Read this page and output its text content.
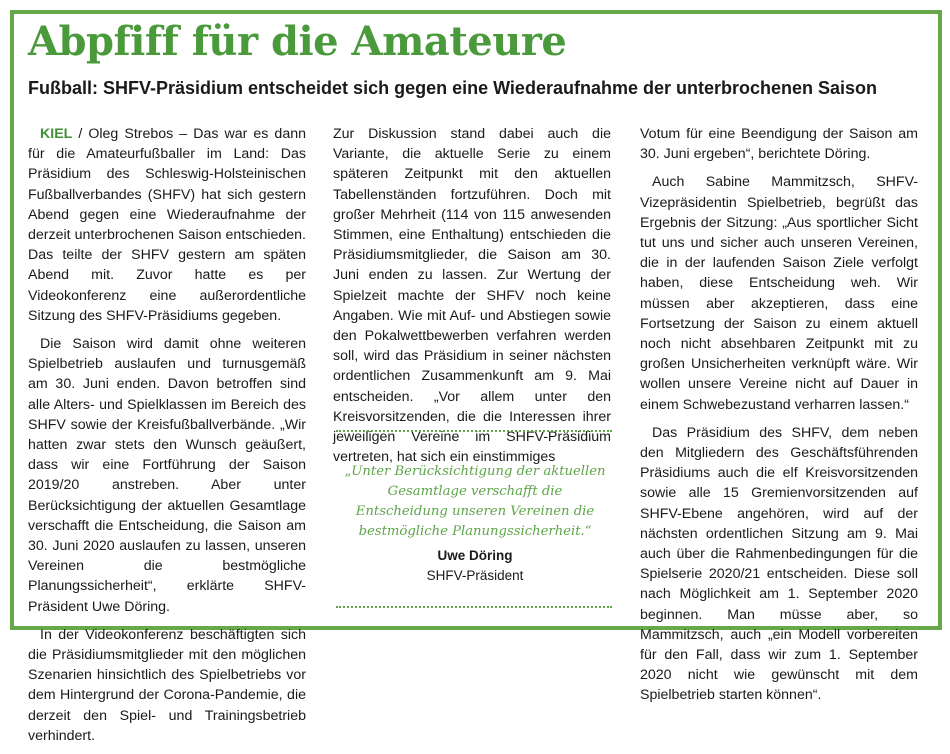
Abpfiff für die Amateure
Fußball: SHFV-Präsidium entscheidet sich gegen eine Wiederaufnahme der unterbrochenen Saison

KIEL / Oleg Strebos – Das war es dann für die Amateurfußballer im Land: Das Präsidium des Schleswig-Holsteinischen Fußballverbandes (SHFV) hat sich gestern Abend gegen eine Wiederaufnahme der derzeit unterbrochenen Saison entschieden. Das teilte der SHFV gestern am späten Abend mit. Zuvor hatte es per Videokonferenz eine außerordentliche Sitzung des SHFV-Präsidiums gegeben.

Die Saison wird damit ohne weiteren Spielbetrieb auslaufen und turnusgemäß am 30. Juni enden. Davon betroffen sind alle Alters- und Spielklassen im Bereich des SHFV sowie der Kreisfußballverbände. „Wir hatten zwar stets den Wunsch geäußert, dass wir eine Fortführung der Saison 2019/20 anstreben. Aber unter Berücksichtigung der aktuellen Gesamtlage verschafft die Entscheidung, die Saison am 30. Juni 2020 auslaufen zu lassen, unseren Vereinen die bestmögliche Planungssicherheit“, erklärte SHFV-Präsident Uwe Döring.

In der Videokonferenz beschäftigten sich die Präsidiumsmitglieder mit den möglichen Szenarien hinsichtlich des Spielbetriebs vor dem Hintergrund der Corona-Pandemie, die derzeit den Spiel- und Trainingsbetrieb verhindert.

Zur Diskussion stand dabei auch die Variante, die aktuelle Serie zu einem späteren Zeitpunkt mit den aktuellen Tabellenständen fortzuführen. Doch mit großer Mehrheit (114 von 115 anwesenden Stimmen, eine Enthaltung) entschieden die Präsidiumsmitglieder, die Saison am 30. Juni enden zu lassen. Zur Wertung der Spielzeit machte der SHFV noch keine Angaben. Wie mit Auf- und Abstiegen sowie den Pokalwettbewerben verfahren werden soll, wird das Präsidium in seiner nächsten ordentlichen Zusammenkunft am 9. Mai entscheiden. „Vor allem unter den Kreisvorsitzenden, die die Interessen ihrer jeweiligen Vereine im SHFV-Präsidium vertreten, hat sich ein einstimmiges

„Unter Berücksichtigung der aktuellen Gesamtlage verschafft die Entscheidung unseren Vereinen die bestmögliche Planungssicherheit.“

Uwe Döring
SHFV-Präsident

Votum für eine Beendigung der Saison am 30. Juni ergeben“, berichtete Döring.

Auch Sabine Mammitzsch, SHFV-Vizepräsidentin Spielbetrieb, begrüßt das Ergebnis der Sitzung: „Aus sportlicher Sicht tut uns und sicher auch unseren Vereinen, die in der laufenden Saison Ziele verfolgt haben, diese Entscheidung weh. Wir müssen aber akzeptieren, dass eine Fortsetzung der Saison zu einem aktuell noch nicht absehbaren Zeitpunkt mit zu großen Unsicherheiten verknüpft wäre. Wir wollen unsere Vereine nicht auf Dauer in einem Schwebezustand verharren lassen.“

Das Präsidium des SHFV, dem neben den Mitgliedern des Geschäftsführenden Präsidiums auch die elf Kreisvorsitzenden sowie alle 15 Gremienvorsitzenden auf SHFV-Ebene angehören, wird auf der nächsten ordentlichen Sitzung am 9. Mai auch über die Rahmenbedingungen für die Spielserie 2020/21 entscheiden. Diese soll nach Möglichkeit am 1. September 2020 beginnen. Man müsse aber, so Mammitzsch, auch „ein Modell vorbereiten für den Fall, dass wir zum 1. September 2020 nicht wie gewünscht mit dem Spielbetrieb starten können“.
